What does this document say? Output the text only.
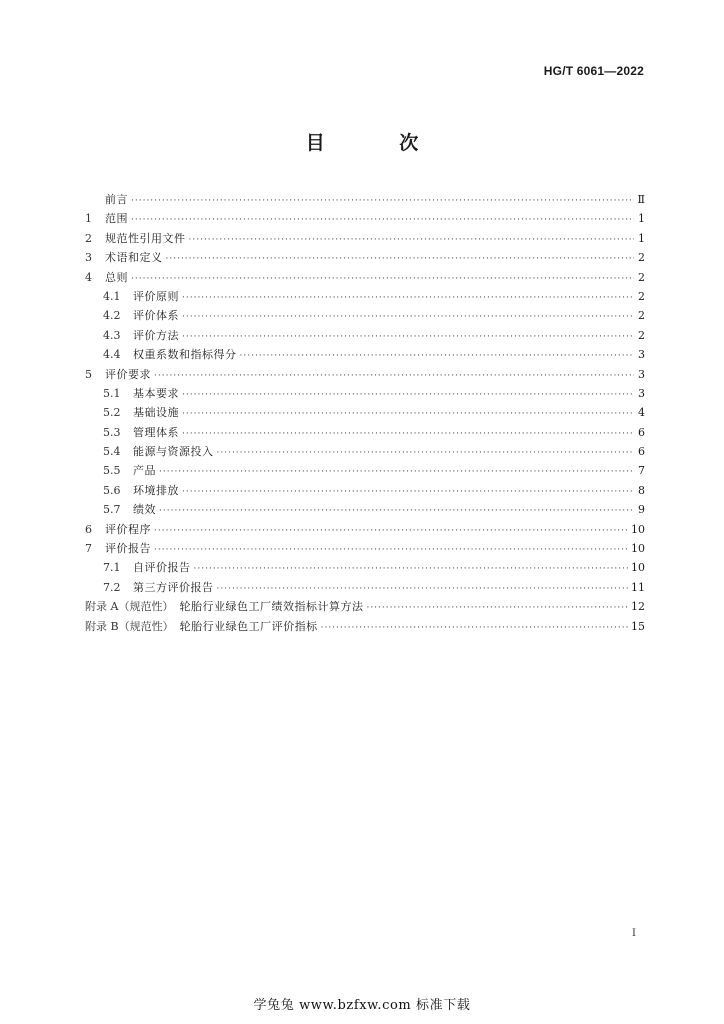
HG/T 6061—2022
目 次
前言 ·····	Ⅱ
1	范围 ·····	1
2	规范性引用文件 ·····	1
3	术语和定义 ·····	2
4	总则 ·····	2
4.1	评价原则 ·····	2
4.2	评价体系 ·····	2
4.3	评价方法 ·····	2
4.4	权重系数和指标得分 ·····	3
5	评价要求 ·····	3
5.1	基本要求 ·····	3
5.2	基础设施 ·····	4
5.3	管理体系 ·····	6
5.4	能源与资源投入 ·····	6
5.5	产品 ·····	7
5.6	环境排放 ·····	8
5.7	绩效 ·····	9
6	评价程序 ·····	10
7	评价报告 ·····	10
7.1	自评价报告 ·····	10
7.2	第三方评价报告 ·····	11
附录 A（规范性） 轮胎行业绿色工厂绩效指标计算方法 ·····	12
附录 B（规范性） 轮胎行业绿色工厂评价指标 ·····	15
Ⅰ
学兔兔 www.bzfxw.com 标准下载
